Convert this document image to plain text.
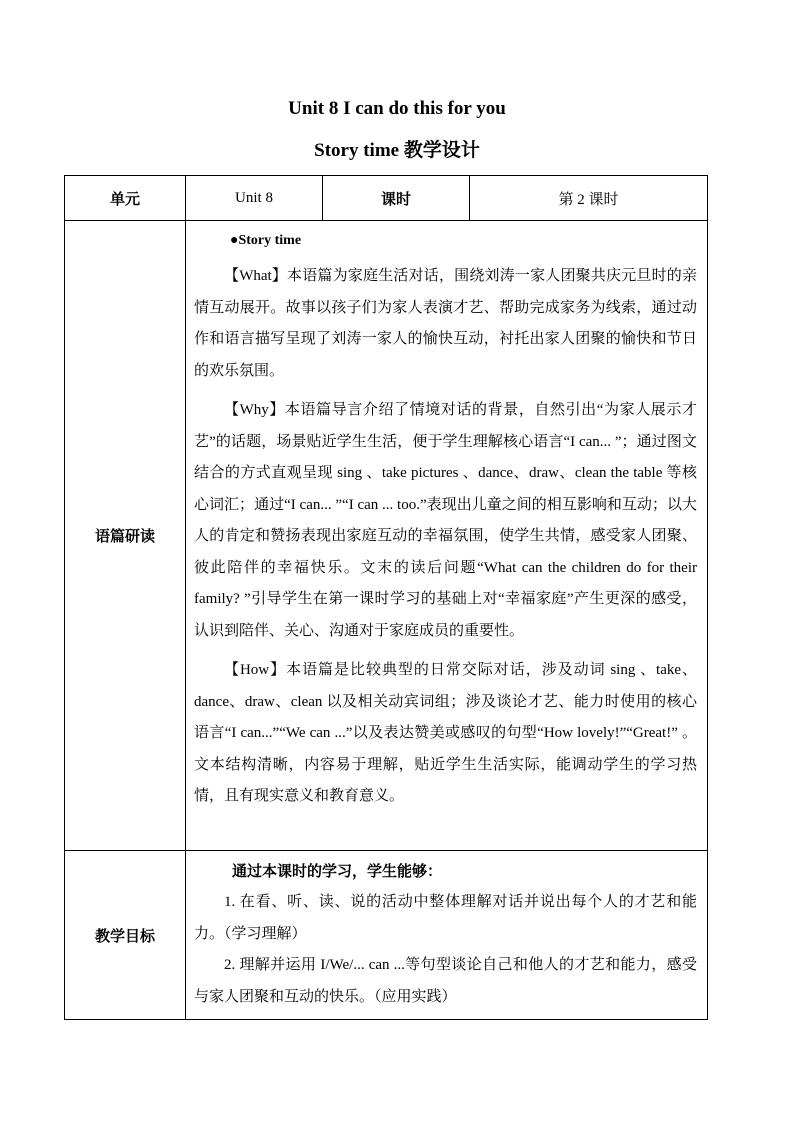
Unit 8 I can do this for you
Story time 教学设计
单元	Unit 8	课时	第 2 课时
语篇研读	●Story time

【What】本语篇为家庭生活对话，围绕刘涛一家人团聚共庆元旦时的亲情互动展开。故事以孩子们为家人表演才艺、帮助完成家务为线索，通过动作和语言描写呈现了刘涛一家人的愉快互动，衬托出家人团聚的愉快和节日的欢乐氛围。

【Why】本语篇导言介绍了情境对话的背景，自然引出“为家人展示才艺”的话题，场景贴近学生生活，便于学生理解核心语言“I can... ”；通过图文结合的方式直观呈现 sing 、take pictures 、dance、draw、clean the table 等核心词汇；通过“I can... ”“I can ... too.”表现出儿童之间的相互影响和互动；以大人的肯定和赞扬表现出家庭互动的幸福氛围，使学生共情，感受家人团聚、彼此陪伴的幸福快乐。文末的读后问题“What can the children do for their family? ”引导学生在第一课时学习的基础上对“幸福家庭”产生更深的感受，认识到陪伴、关心、沟通对于家庭成员的重要性。

【How】本语篇是比较典型的日常交际对话，涉及动词 sing 、take、dance、draw、clean 以及相关动宾词组；涉及谈论才艺、能力时使用的核心语言“I can...”“We can ...”以及表达赞美或感叹的句型“How lovely!”“Great!” 。文本结构清晰，内容易于理解，贴近学生生活实际，能调动学生的学习热情，且有现实意义和教育意义。		

教学目标	通过本课时的学习，学生能够：

1. 在看、听、读、说的活动中整体理解对话并说出每个人的才艺和能力。（学习理解）

2. 理解并运用 I/We/... can ...等句型谈论自己和他人的才艺和能力，感受与家人团聚和互动的快乐。（应用实践）		
